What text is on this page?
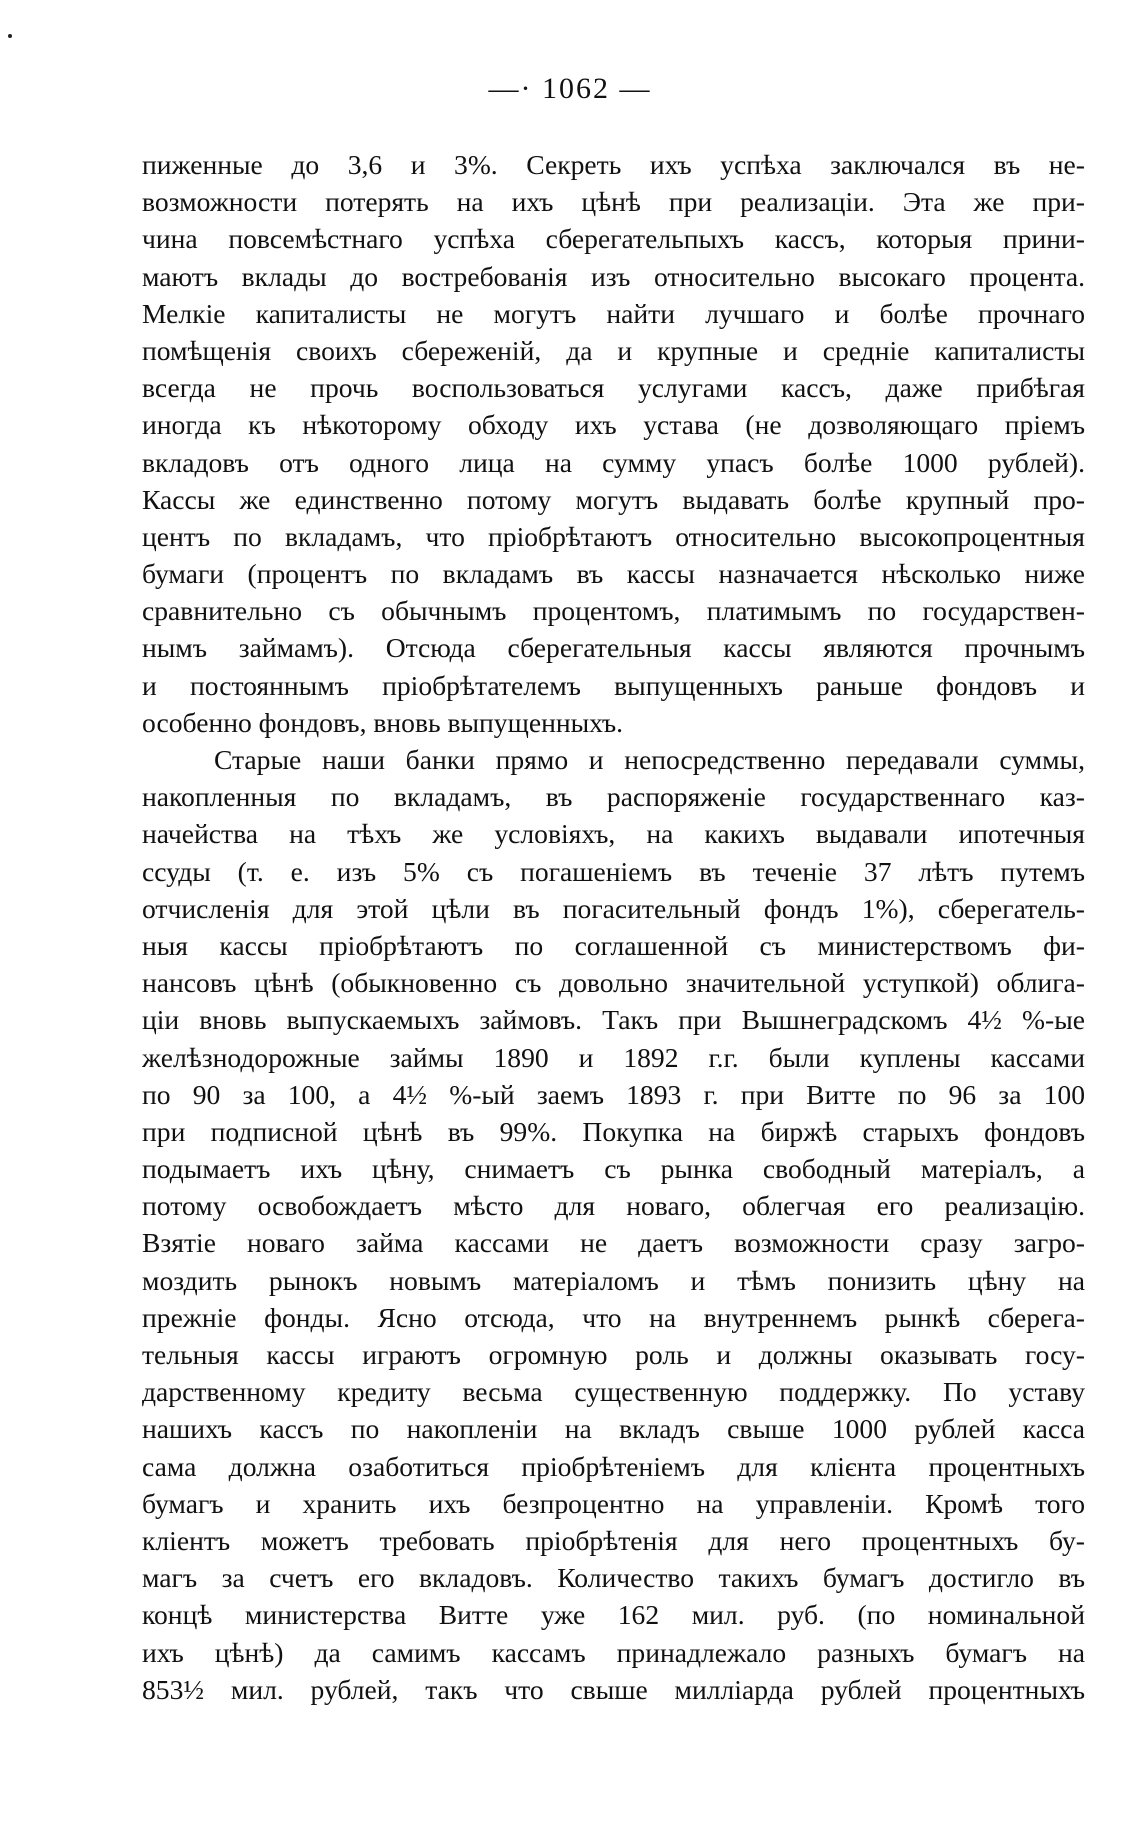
—· 1062 —
пиженные до 3,6 и 3%. Секреть ихъ успѣха заключался въ не-
возможности потерять на ихъ цѣнѣ при реализаціи. Эта же при-
чина повсемѣстнаго успѣха сберегательпыхъ кассъ, которыя прини-
маютъ вклады до востребованія изъ относительно высокаго процента.
Мелкіе капиталисты не могутъ найти лучшаго и болѣе прочнаго
помѣщенія своихъ сбереженій, да и крупные и средніе капиталисты
всегда не прочь воспользоваться услугами кассъ, даже прибѣгая
иногда къ нѣкоторому обходу ихъ устава (не дозволяющаго пріемъ
вкладовъ отъ одного лица на сумму упасъ болѣе 1000 рублей).
Кассы же единственно потому могутъ выдавать болѣе крупный про-
центъ по вкладамъ, что пріобрѣтаютъ относительно высокопроцентныя
бумаги (процентъ по вкладамъ въ кассы назначается нѣсколько ниже
сравнительно съ обычнымъ процентомъ, платимымъ по государствен-
нымъ займамъ). Отсюда сберегательныя кассы являются прочнымъ
и постояннымъ пріобрѣтателемъ выпущенныхъ раньше фондовъ и
особенно фондовъ, вновь выпущенныхъ.
Старые наши банки прямо и непосредственно передавали суммы,
накопленныя по вкладамъ, въ распоряженіе государственнаго каз-
начейства на тѣхъ же условіяхъ, на какихъ выдавали ипотечныя
ссуды (т. е. изъ 5% съ погашеніемъ въ теченіе 37 лѣтъ путемъ
отчисленія для этой цѣли въ погасительный фондъ 1%), сберегатель-
ныя кассы пріобрѣтаютъ по соглашенной съ министерствомъ фи-
нансовъ цѣнѣ (обыкновенно съ довольно значительной уступкой) облига-
ціи вновь выпускаемыхъ займовъ. Такъ при Вышнеградскомъ 4½ %-ые
желѣзнодорожные займы 1890 и 1892 г.г. были куплены кассами
по 90 за 100, а 4½ %-ый заемъ 1893 г. при Витте по 96 за 100
при подписной цѣнѣ въ 99%. Покупка на биржѣ старыхъ фондовъ
подымаетъ ихъ цѣну, снимаетъ съ рынка свободный матеріалъ, а
потому освобождаетъ мѣсто для новаго, облегчая его реализацію.
Взятіе новаго займа кассами не даетъ возможности сразу загро-
моздить рынокъ новымъ матеріаломъ и тѣмъ понизить цѣну на
прежніе фонды. Ясно отсюда, что на внутреннемъ рынкѣ сберега-
тельныя кассы играютъ огромную роль и должны оказывать госу-
дарственному кредиту весьма существенную поддержку. По уставу
нашихъ кассъ по накопленіи на вкладъ свыше 1000 рублей касса
сама должна озаботиться пріобрѣтеніемъ для клієнта процентныхъ
бумагъ и хранить ихъ безпроцентно на управленіи. Кромѣ того
кліентъ можетъ требовать пріобрѣтенія для него процентныхъ бу-
магъ за счетъ его вкладовъ. Количество такихъ бумагъ достигло въ
концѣ министерства Витте уже 162 мил. руб. (по номинальной
ихъ цѣнѣ) да самимъ кассамъ принадлежало разныхъ бумагъ на
853½ мил. рублей, такъ что свыше милліарда рублей процентныхъ
